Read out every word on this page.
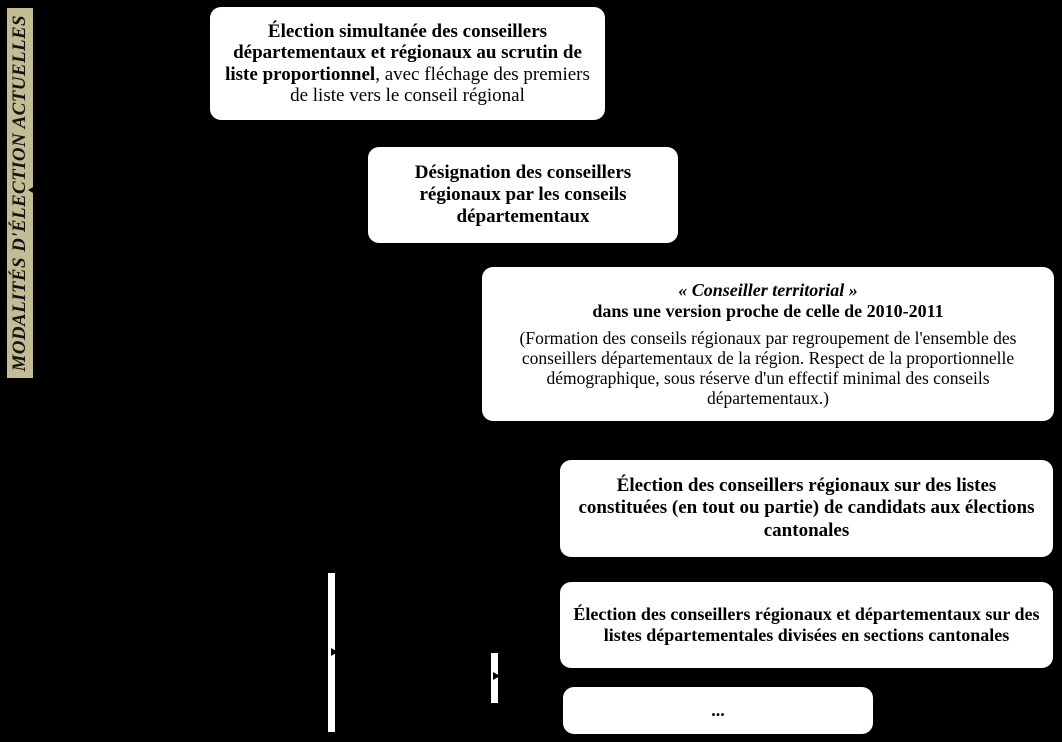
MODALITÉS D'ÉLECTION ACTUELLES	Élection simultanée des conseillers départementaux et régionaux au scrutin de liste proportionnel, avec fléchage des premiers de liste vers le conseil régional
Désignation des conseillers régionaux par les conseils départementaux
« Conseiller territorial »
dans une version proche de celle de 2010-2011
(Formation des conseils régionaux par regroupement de l'ensemble des conseillers départementaux de la région. Respect de la proportionnelle démographique, sous réserve d'un effectif minimal des conseils départementaux.)
Élection des conseillers régionaux sur des listes constituées (en tout ou partie) de candidats aux élections cantonales
Élection des conseillers régionaux et départementaux sur des listes départementales divisées en sections cantonales
...
